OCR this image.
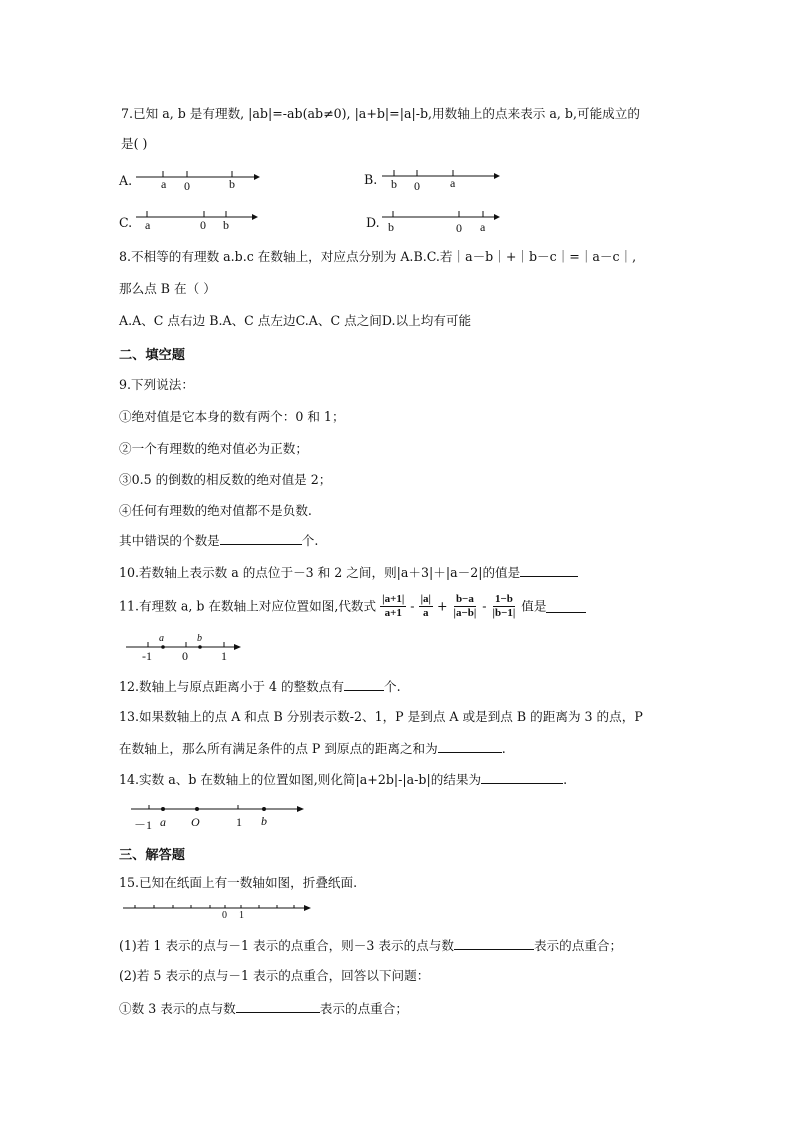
7.已知 a, b 是有理数, |ab|=-ab(ab≠0), |a+b|=|a|-b,用数轴上的点来表示 a, b,可能成立的
是( )
A. a 0	b	B. b 0	a
C. a	0 b	D. b	0 a
8.不相等的有理数 a.b.c 在数轴上，对应点分别为 A.B.C.若｜a－b｜+｜b－c｜=｜a－c｜,
那么点 B 在（ ）
A.A、C 点右边 B.A、C 点左边C.A、C 点之间D.以上均有可能
二、填空题
9.下列说法：
①绝对值是它本身的数有两个：0 和 1；
②一个有理数的绝对值必为正数；
③0.5 的倒数的相反数的绝对值是 2；
④任何有理数的绝对值都不是负数.
其中错误的个数是	个.
10.若数轴上表示数 a 的点位于－3 和 2 之间，则|a＋3|＋|a－2|的值是
11.有理数 a, b 在数轴上对应位置如图,代数式 $\frac{|a+1|}{a+1} - \frac{|a|}{a} + \frac{b-a}{|a-b|} - \frac{1-b}{|b-1|}$ 值是
-1
a
0
b
1
12.数轴上与原点距离小于 4 的整数点有	个.
13.如果数轴上的点 A 和点 B 分别表示数-2、1，P 是到点 A 或是到点 B 的距离为 3 的点，P
在数轴上，那么所有满足条件的点 P 到原点的距离之和为	.
14.实数 a、b 在数轴上的位置如图,则化简|a+2b|-|a-b|的结果为	.
－1 a O	1 b
三、解答题
15.已知在纸面上有一数轴如图，折叠纸面.
0 1
(1)若 1 表示的点与－1 表示的点重合，则－3 表示的点与数	表示的点重合；
(2)若 5 表示的点与－1 表示的点重合，回答以下问题：
①数 3 表示的点与数	表示的点重合；
